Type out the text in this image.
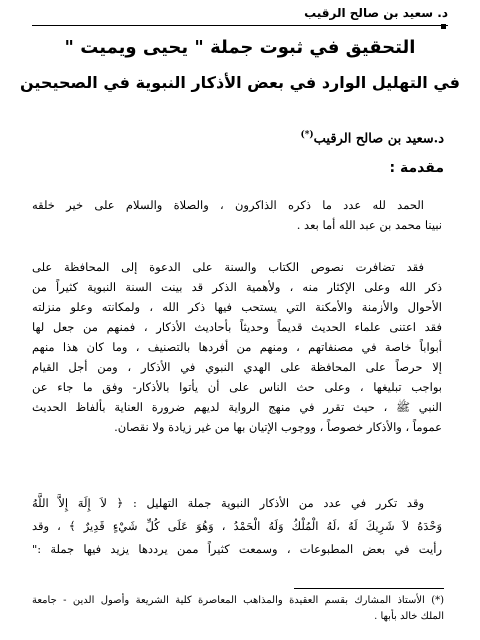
د. سعيد بن صالح الرقيب
التحقيق في ثبوت جملة " يحيى ويميت "
في التهليل الوارد في بعض الأذكار النبوية في الصحيحين
د.سعيد بن صالح الرقيب(*)
مقدمة :
الحمد لله عدد ما ذكره الذاكرون ، والصلاة والسلام على خير خلقه
نبينا محمد بن عبد الله أما بعد .
فقد تضافرت نصوص الكتاب والسنة على الدعوة إلى المحافظة على
ذكر الله وعلى الإكثار منه ، ولأهمية الذكر قد بينت السنة النبوية كثيراً من
الأحوال والأزمنة والأمكنة التي يستحب فيها ذكر الله ، ولمكانته وعلو منزلته
فقد اعتنى علماء الحديث قديماً وحديثاً بأحاديث الأذكار ، فمنهم من جعل لها
أبواباً خاصة في مصنفاتهم ، ومنهم من أفردها بالتصنيف ، وما كان هذا منهم
إلا حرصاً على المحافظة على الهدي النبوي في الأذكار ، ومن أجل القيام
بواجب تبليغها ، وعلى حث الناس على أن يأتوا بالأذكار- وفق ما جاء عن
النبي ﷺ ، حيث تقرر في منهج الرواية لديهم ضرورة العناية بألفاظ الحديث
عموماً ، والأذكار خصوصاً ، ووجوب الإتيان بها من غير زيادة ولا نقصان.
وقد تكرر في عدد من الأذكار النبوية جملة التهليل : ﴿ لاَ إِلَهَ إِلاَّ اللَّهُ
وَحْدَهُ لاَ شَرِيكَ لَهُ ،لَهُ الْمُلْكُ وَلَهُ الْحَمْدُ ، وَهُوَ عَلَى كُلِّ شَيْءٍ قَدِيرٌ ﴾ ، وقد
رأيت في بعض المطبوعات ، وسمعت كثيراً ممن يرددها يزيد فيها جملة :"
(*) الأستاذ المشارك بقسم العقيدة والمذاهب المعاصرة كلية الشريعة وأصول الدين - جامعة
الملك خالد بأبها .
